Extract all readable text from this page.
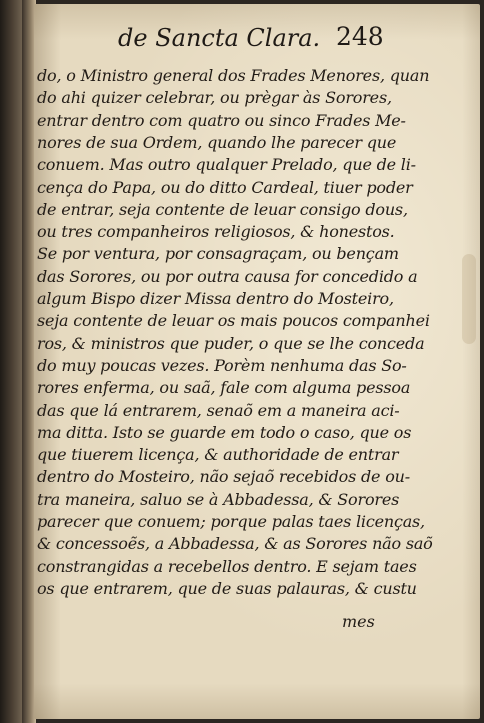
de Sancta Clara. 248
do, o Ministro general dos Frades Menores, quan
do ahi quizer celebrar, ou prègar às Sorores,
entrar dentro com quatro ou sinco Frades Me-
nores de sua Ordem, quando lhe parecer que
conuem. Mas outro qualquer Prelado, que de li-
cença do Papa, ou do ditto Cardeal, tiuer poder
de entrar, seja contente de leuar consigo dous,
ou tres companheiros religiosos, & honestos.
Se por ventura, por consagraçam, ou bençam
das Sorores, ou por outra causa for concedido a
algum Bispo dizer Missa dentro do Mosteiro,
seja contente de leuar os mais poucos companhei
ros, & ministros que puder, o que se lhe conceda
do muy poucas vezes. Porèm nenhuma das So-
rores enferma, ou saã, fale com alguma pessoa
das que lá entrarem, senaõ em a maneira aci-
ma ditta. Isto se guarde em todo o caso, que os
que tiuerem licença, & authoridade de entrar
dentro do Mosteiro, não sejaõ recebidos de ou-
tra maneira, saluo se à Abbadessa, & Sorores
parecer que conuem; porque palas taes licenças,
& concessoẽs, a Abbadessa, & as Sorores não saõ
constrangidas a recebellos dentro. E sejam taes
os que entrarem, que de suas palauras, & custu
mes
